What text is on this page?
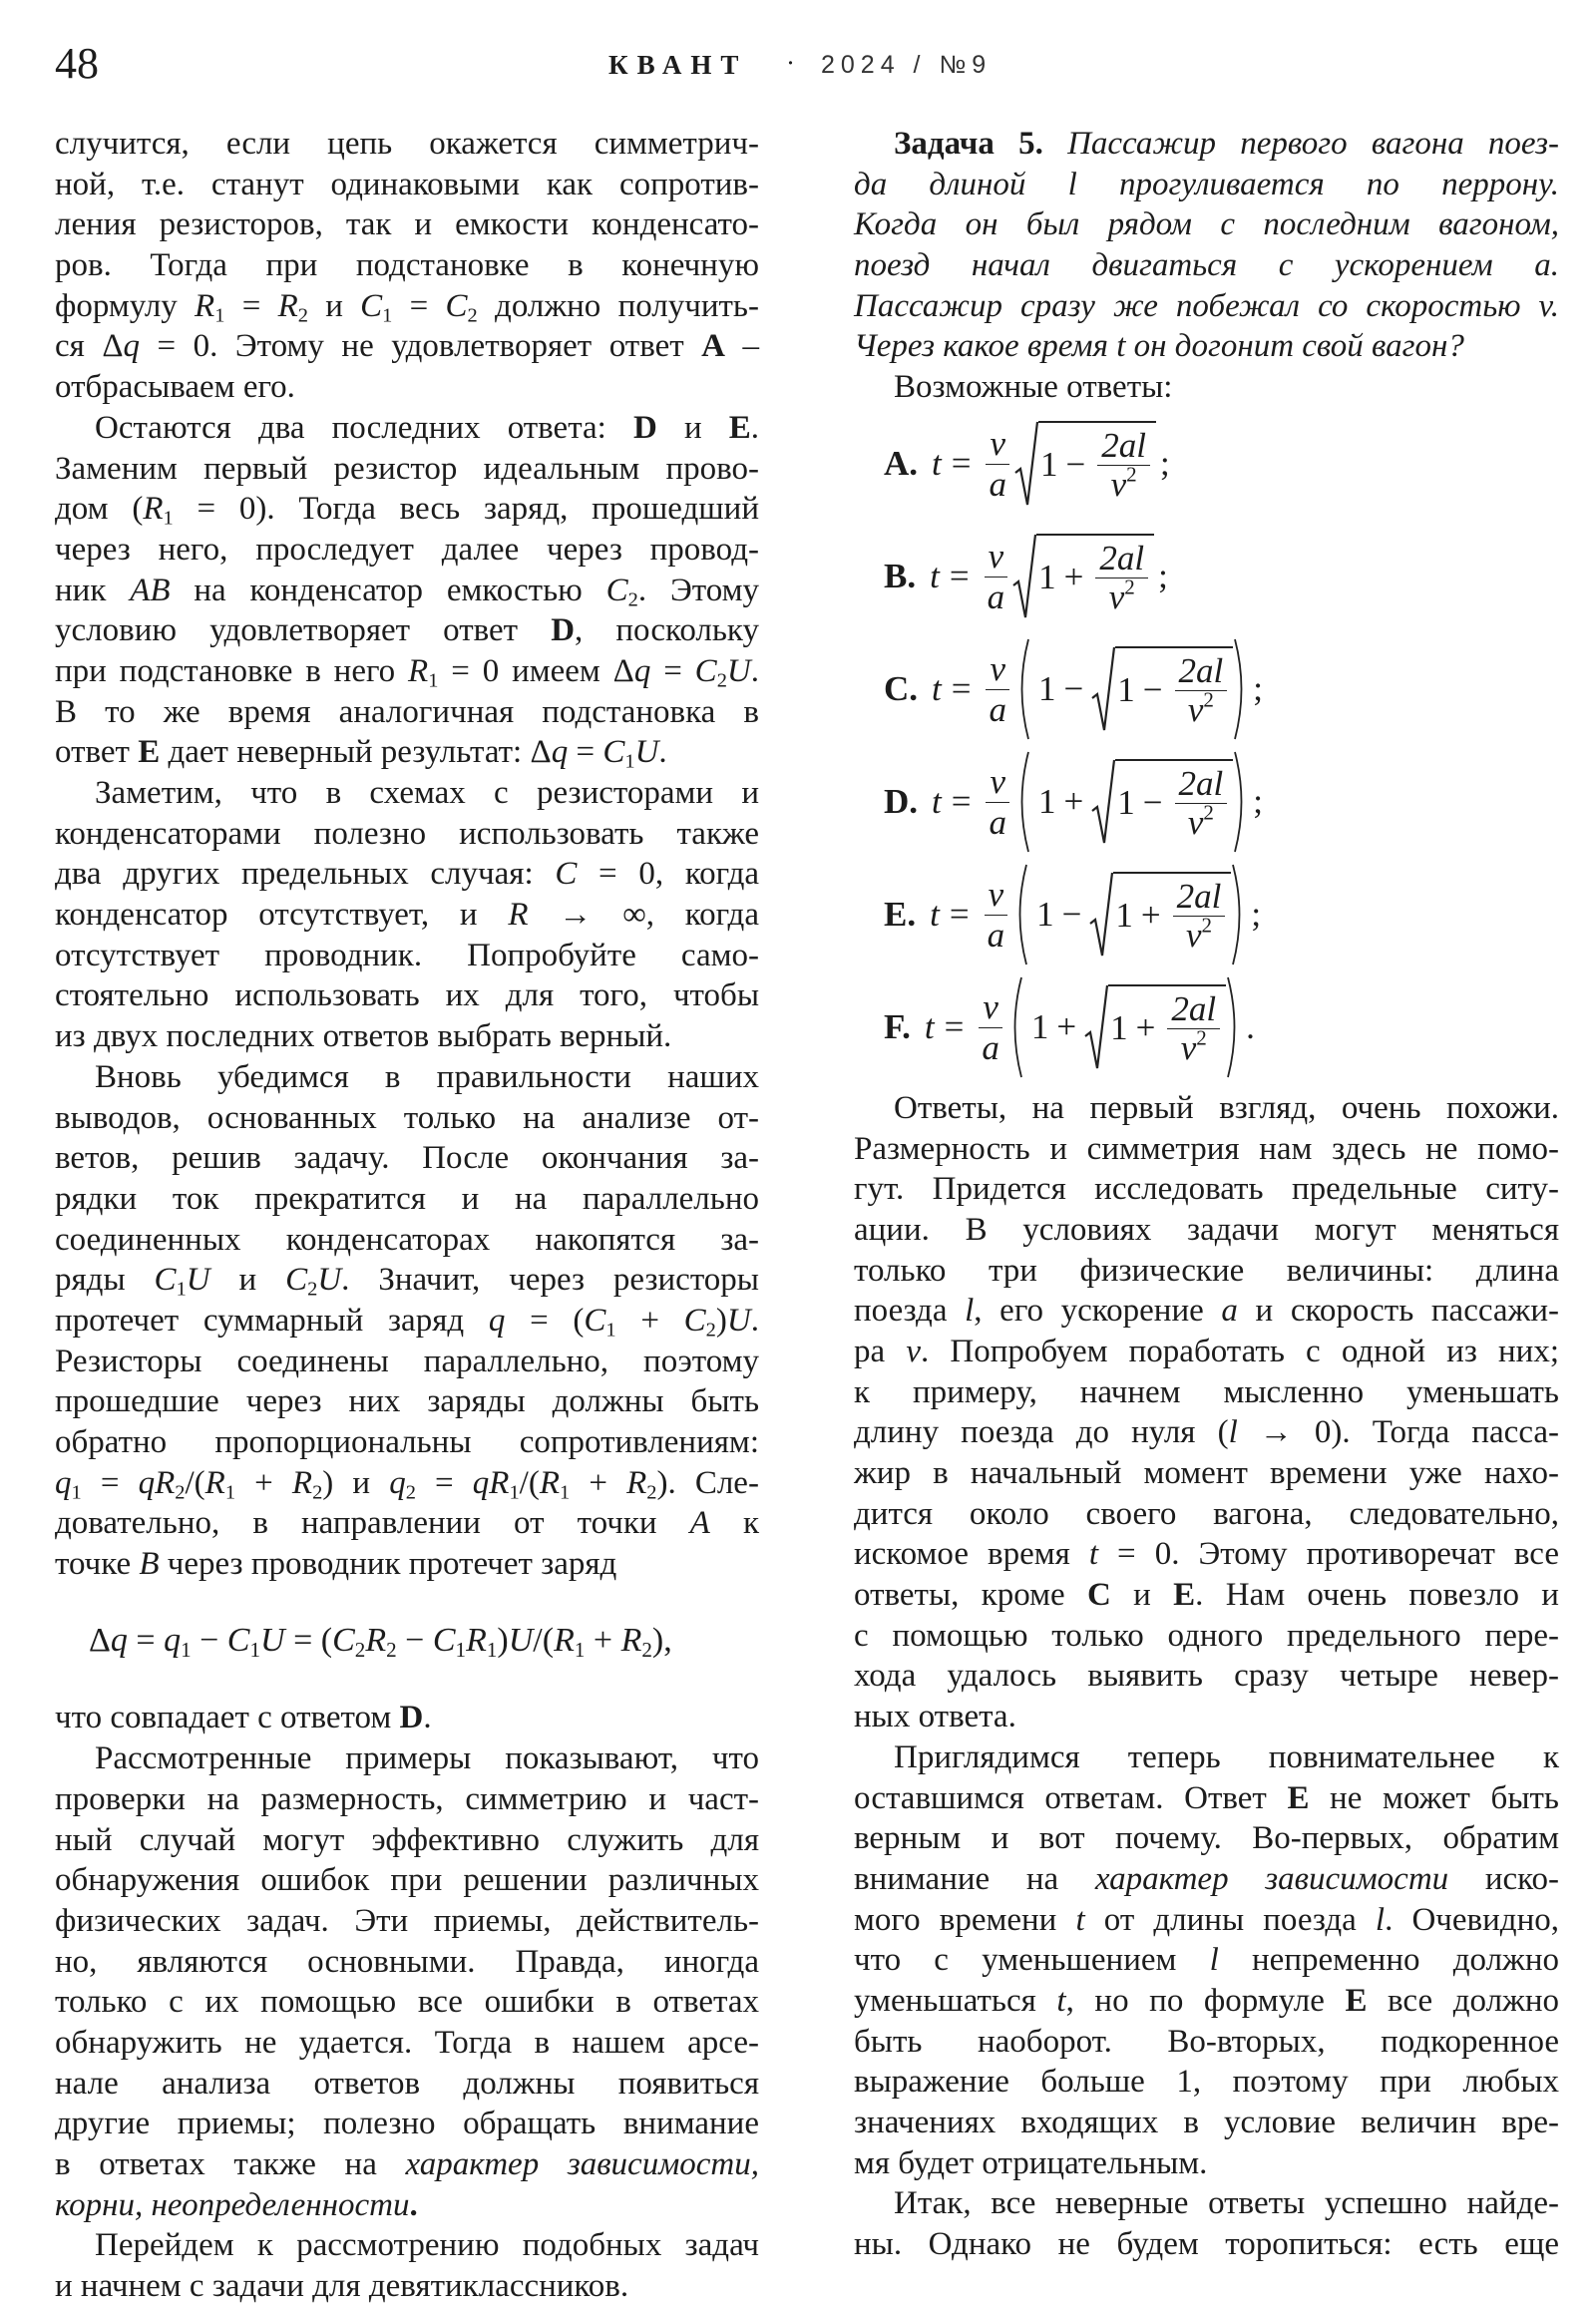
48	КВАНТ · 2024 / №9
случится, если цепь окажется симметрич-
ной, т.е. станут одинаковыми как сопротив-
ления резисторов, так и емкости конденсато-
ров. Тогда при подстановке в конечную
формулу $R_1 = R_2$ и $C_1 = C_2$ должно получить-
ся Δq = 0. Этому не удовлетворяет ответ A –
отбрасываем его.
Остаются два последних ответа: D и E.
Заменим первый резистор идеальным прово-
дом $(R_1 = 0)$. Тогда весь заряд, прошедший
через него, проследует далее через провод-
ник AB на конденсатор емкостью $C_2$. Этому
условию удовлетворяет ответ D, поскольку
при подстановке в него $R_1 = 0$ имеем $\Delta q = C_2U$.
В то же время аналогичная подстановка в
ответ E дает неверный результат: $\Delta q = C_1U$.
Заметим, что в схемах с резисторами и
конденсаторами полезно использовать также
два других предельных случая: C = 0, когда
конденсатор отсутствует, и R → ∞, когда
отсутствует проводник. Попробуйте само-
стоятельно использовать их для того, чтобы
из двух последних ответов выбрать верный.
Вновь убедимся в правильности наших
выводов, основанных только на анализе от-
ветов, решив задачу. После окончания за-
рядки ток прекратится и на параллельно
соединенных конденсаторах накопятся за-
ряды $C_1U$ и $C_2U$. Значит, через резисторы
протечет суммарный заряд $q = (C_1 + C_2)U$.
Резисторы соединены параллельно, поэтому
прошедшие через них заряды должны быть
обратно пропорциональны сопротивлениям:
$q_1 = qR_2/(R_1 + R_2)$ и $q_2 = qR_1/(R_1 + R_2)$. Сле-
довательно, в направлении от точки A к
точке B через проводник протечет заряд
$\Delta q = q_1 - C_1U = (C_2R_2 - C_1R_1)U/(R_1 + R_2)$,
что совпадает с ответом D.
Рассмотренные примеры показывают, что
проверки на размерность, симметрию и част-
ный случай могут эффективно служить для
обнаружения ошибок при решении различных
физических задач. Эти приемы, действитель-
но, являются основными. Правда, иногда
только с их помощью все ошибки в ответах
обнаружить не удается. Тогда в нашем арсе-
нале анализа ответов должны появиться
другие приемы; полезно обращать внимание
в ответах также на характер зависимости,
корни, неопределенности.
Перейдем к рассмотрению подобных задач
и начнем с задачи для девятиклассников.
Задача 5. Пассажир первого вагона поез-
да длиной l прогуливается по перрону.
Когда он был рядом с последним вагоном,
поезд начал двигаться с ускорением a.
Пассажир сразу же побежал со скоростью v.
Через какое время t он догонит свой вагон?
Возможные ответы:
A. $t = \frac{v}{a} 1 - \frac{2al}{v^2}$ ;
B. $t = \frac{v}{a} 1 + \frac{2al}{v^2}$ ;
C. $t = \frac{v}{a} 1 - 1 - \frac{2al}{v^2}$ ;
D. $t = \frac{v}{a} 1 + 1 - \frac{2al}{v^2}$ ;
E. $t = \frac{v}{a} 1 - 1 + \frac{2al}{v^2}$ ;
F. $t = \frac{v}{a} 1 + 1 + \frac{2al}{v^2}$ .
Ответы, на первый взгляд, очень похожи.
Размерность и симметрия нам здесь не помо-
гут. Придется исследовать предельные ситу-
ации. В условиях задачи могут меняться
только три физические величины: длина
поезда l, его ускорение a и скорость пассажи-
ра v. Попробуем поработать с одной из них;
к примеру, начнем мысленно уменьшать
длину поезда до нуля (l → 0). Тогда пасса-
жир в начальный момент времени уже нахо-
дится около своего вагона, следовательно,
искомое время t = 0. Этому противоречат все
ответы, кроме C и E. Нам очень повезло и
с помощью только одного предельного пере-
хода удалось выявить сразу четыре невер-
ных ответа.
Приглядимся теперь повнимательнее к
оставшимся ответам. Ответ E не может быть
верным и вот почему. Во-первых, обратим
внимание на характер зависимости иско-
мого времени t от длины поезда l. Очевидно,
что с уменьшением l непременно должно
уменьшаться t, но по формуле E все должно
быть наоборот. Во-вторых, подкоренное
выражение больше 1, поэтому при любых
значениях входящих в условие величин вре-
мя будет отрицательным.
Итак, все неверные ответы успешно найде-
ны. Однако не будем торопиться: есть еще
